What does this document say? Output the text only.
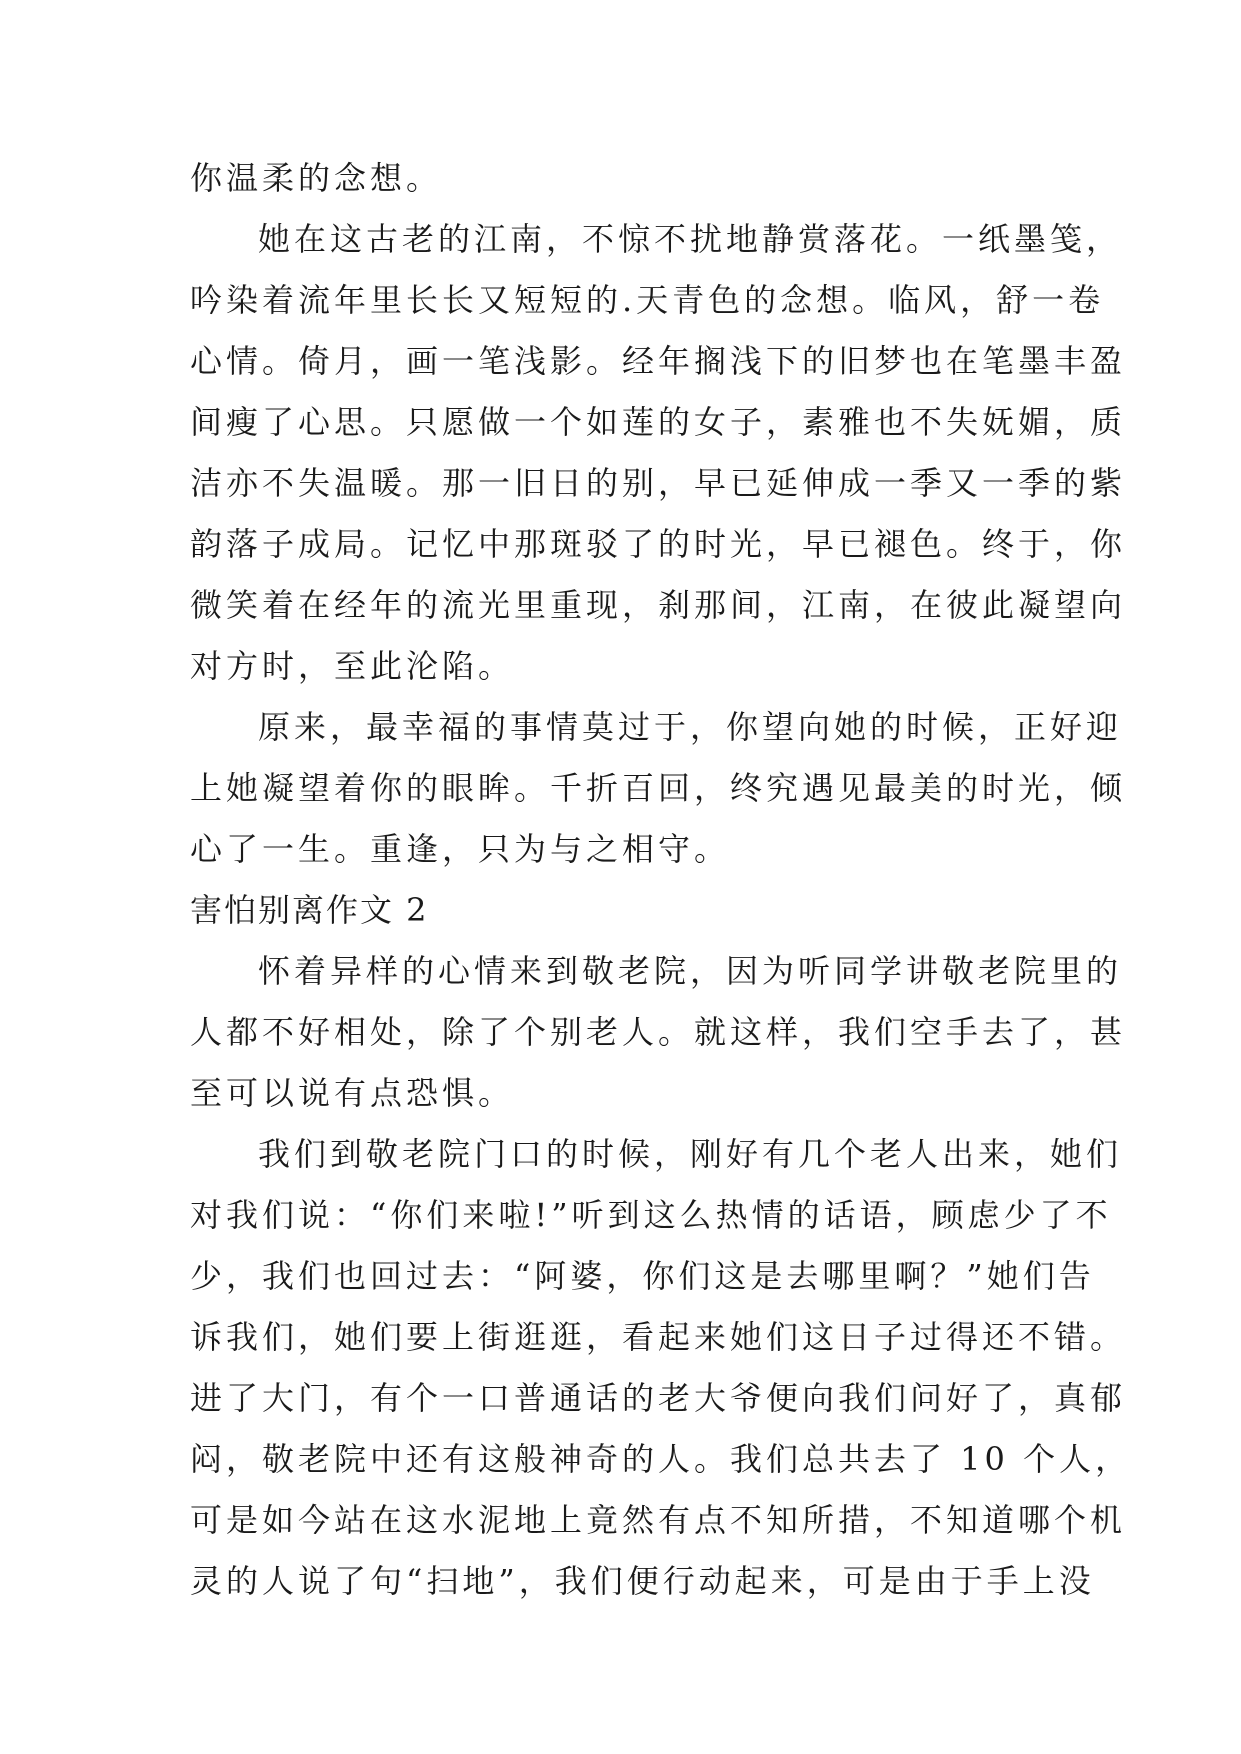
你温柔的念想。
她在这古老的江南，不惊不扰地静赏落花。一纸墨笺，
吟染着流年里长长又短短的.天青色的念想。临风，舒一卷
心情。倚月，画一笔浅影。经年搁浅下的旧梦也在笔墨丰盈
间瘦了心思。只愿做一个如莲的女子，素雅也不失妩媚，质
洁亦不失温暖。那一旧日的别，早已延伸成一季又一季的紫
韵落子成局。记忆中那斑驳了的时光，早已褪色。终于，你
微笑着在经年的流光里重现，刹那间，江南，在彼此凝望向
对方时，至此沦陷。
原来，最幸福的事情莫过于，你望向她的时候，正好迎
上她凝望着你的眼眸。千折百回，终究遇见最美的时光，倾
心了一生。重逢，只为与之相守。
害怕别离作文 2
怀着异样的心情来到敬老院，因为听同学讲敬老院里的
人都不好相处，除了个别老人。就这样，我们空手去了，甚
至可以说有点恐惧。
我们到敬老院门口的时候，刚好有几个老人出来，她们
对我们说：“你们来啦!”听到这么热情的话语，顾虑少了不
少，我们也回过去：“阿婆，你们这是去哪里啊？”她们告
诉我们，她们要上街逛逛，看起来她们这日子过得还不错。
进了大门，有个一口普通话的老大爷便向我们问好了，真郁
闷，敬老院中还有这般神奇的人。我们总共去了 10 个人，
可是如今站在这水泥地上竟然有点不知所措，不知道哪个机
灵的人说了句“扫地”，我们便行动起来，可是由于手上没
